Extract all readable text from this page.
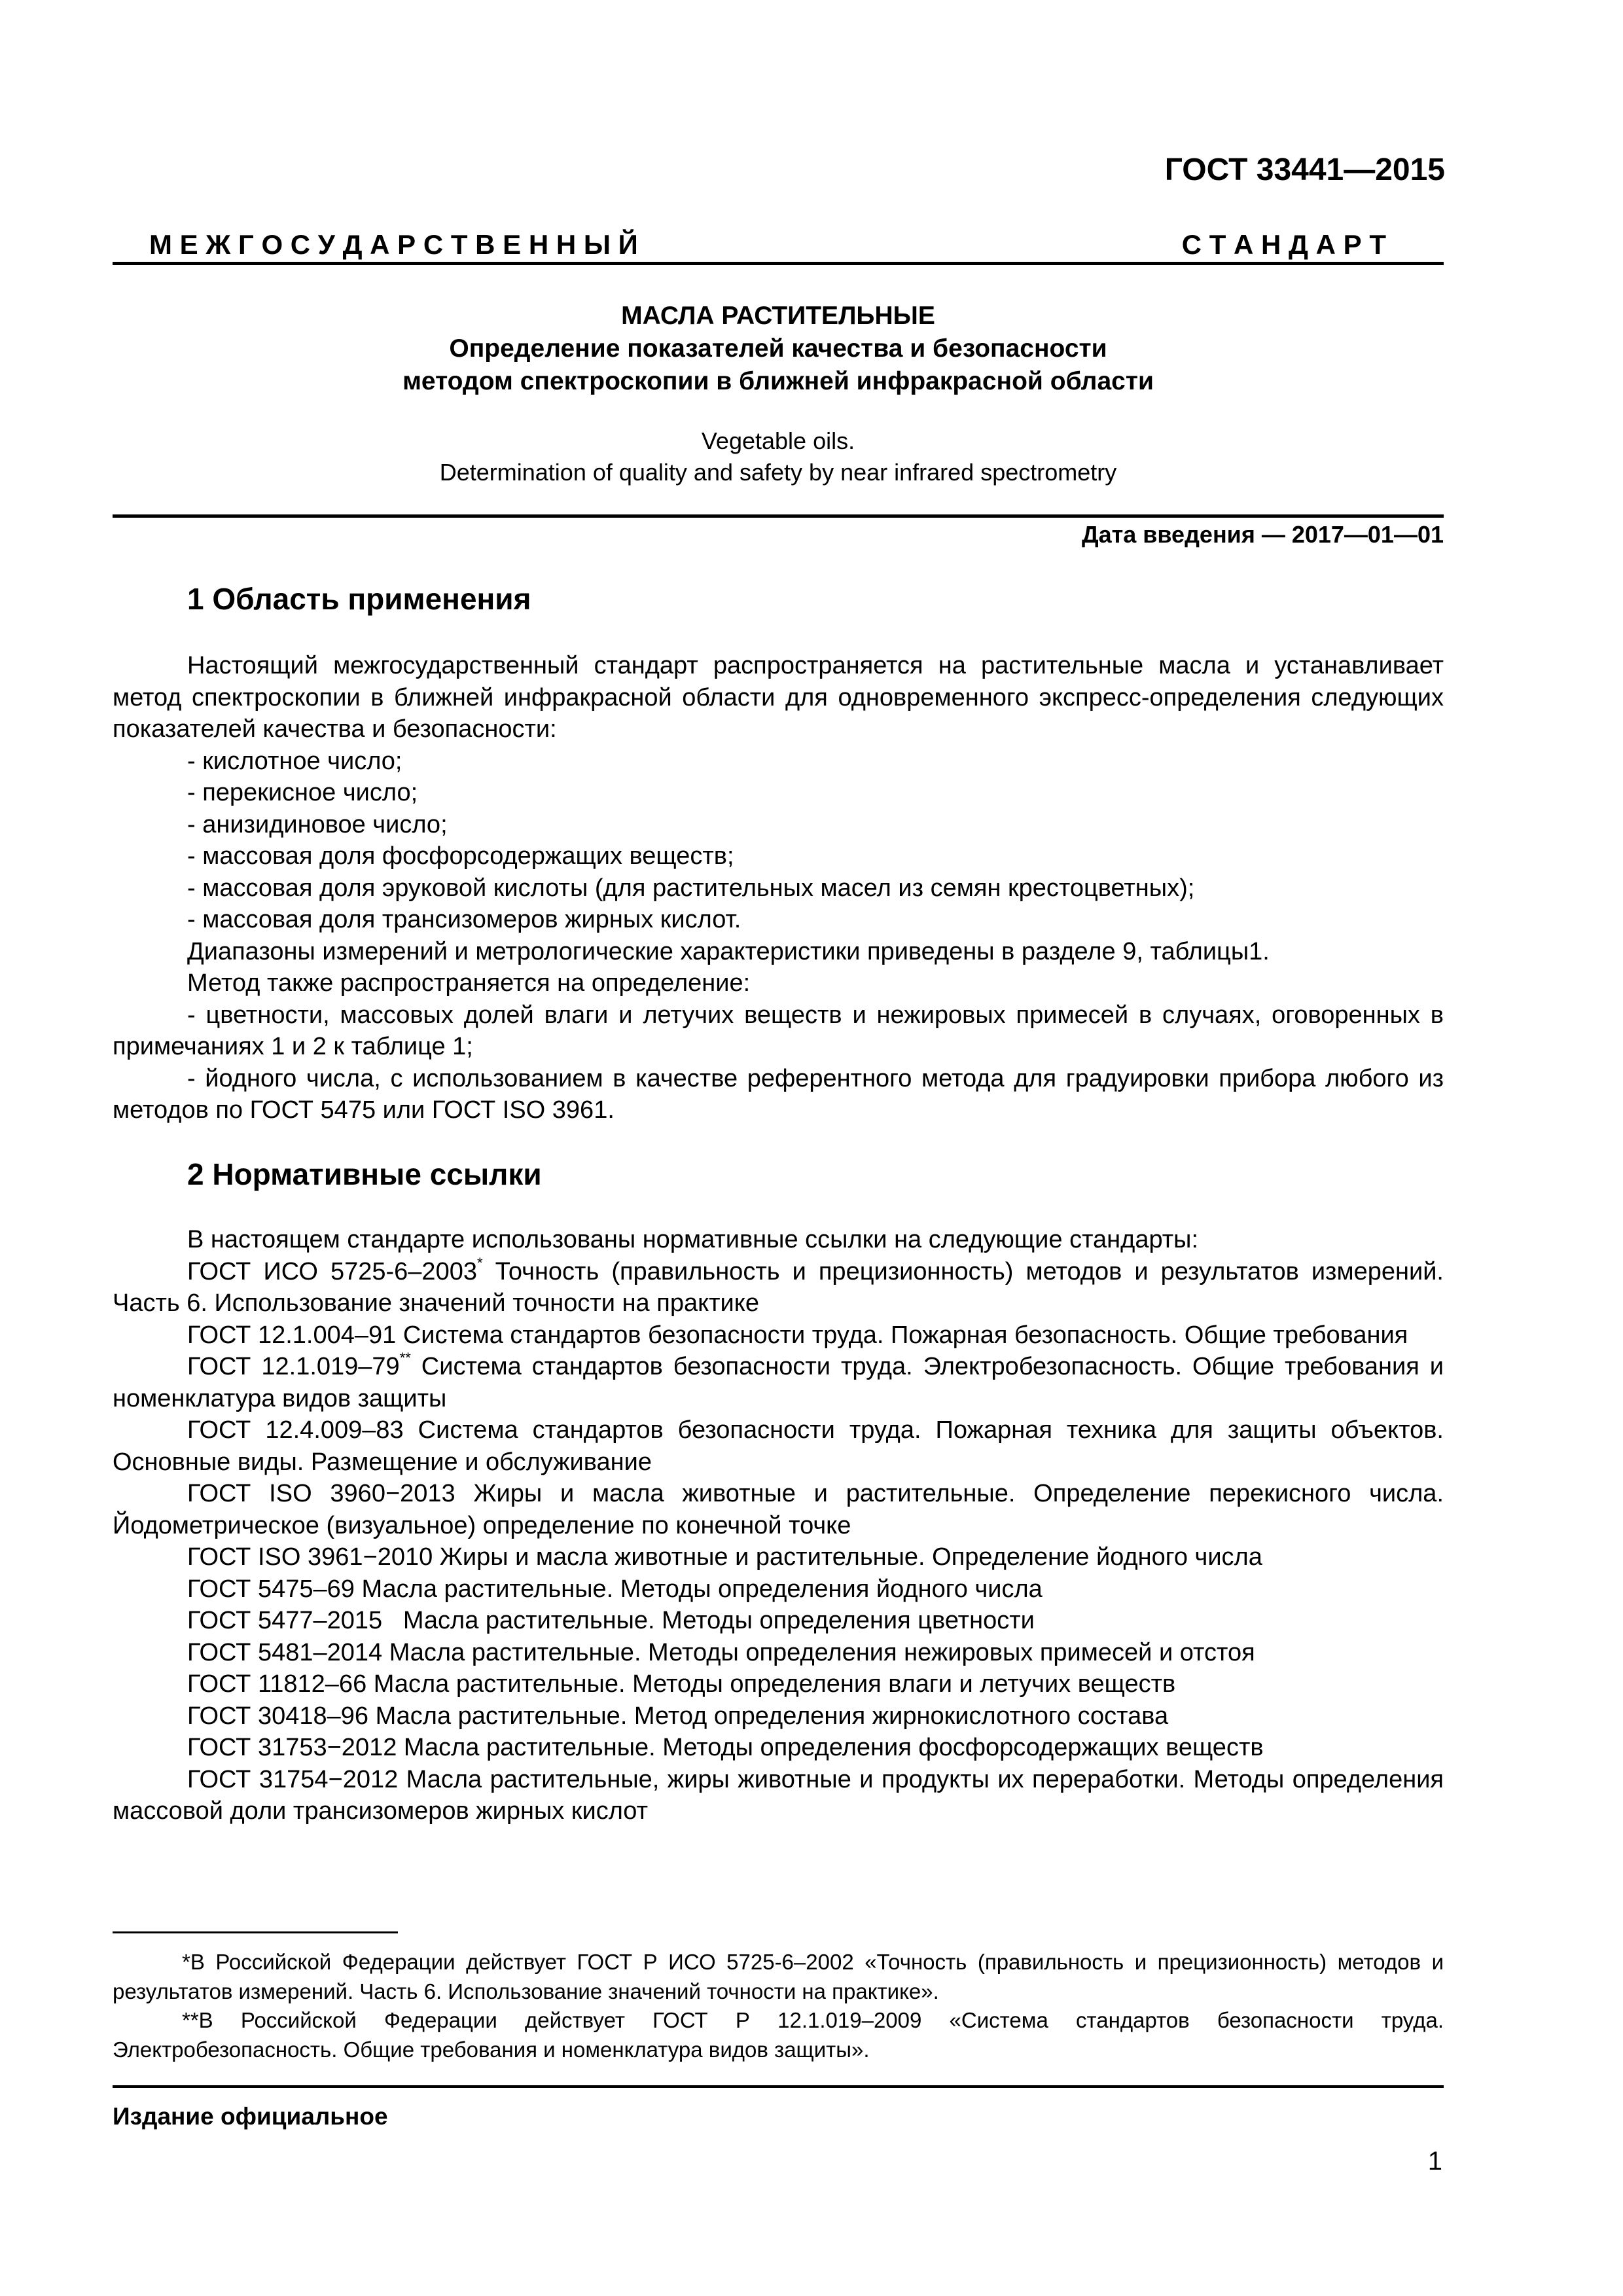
ГОСТ 33441—2015
М Е Ж Г О С У Д А Р С Т В Е Н Н Ы Й	С Т А Н Д А Р Т
МАСЛА РАСТИТЕЛЬНЫЕ
Определение показателей качества и безопасности
методом спектроскопии в ближней инфракрасной области
Vegetable oils.
Determination of quality and safety by near infrared spectrometry
Дата введения — 2017—01—01
1 Область применения

Настоящий межгосударственный стандарт распространяется на растительные масла и устанавливает метод спектроскопии в ближней инфракрасной области для одновременного экспресс-определения следующих показателей качества и безопасности:

- кислотное число;

- перекисное число;

- анизидиновое число;

- массовая доля фосфорсодержащих веществ;

- массовая доля эруковой кислоты (для растительных масел из семян крестоцветных);

- массовая доля трансизомеров жирных кислот.

Диапазоны измерений и метрологические характеристики приведены в разделе 9, таблицы1.

Метод также распространяется на определение:

- цветности, массовых долей влаги и летучих веществ и нежировых примесей в случаях, оговоренных в примечаниях 1 и 2 к таблице 1;

- йодного числа, с использованием в качестве референтного метода для градуировки прибора любого из методов по ГОСТ 5475 или ГОСТ ISO 3961.

2 Нормативные ссылки

В настоящем стандарте использованы нормативные ссылки на следующие стандарты:

ГОСТ ИСО 5725-6–2003* Точность (правильность и прецизионность) методов и результатов измерений. Часть 6. Использование значений точности на практике

ГОСТ 12.1.004–91 Система стандартов безопасности труда. Пожарная безопасность. Общие требования

ГОСТ 12.1.019–79** Система стандартов безопасности труда. Электробезопасность. Общие требования и номенклатура видов защиты

ГОСТ 12.4.009–83 Система стандартов безопасности труда. Пожарная техника для защиты объектов. Основные виды. Размещение и обслуживание

ГОСТ ISO 3960−2013 Жиры и масла животные и растительные. Определение перекисного числа. Йодометрическое (визуальное) определение по конечной точке

ГОСТ ISO 3961−2010 Жиры и масла животные и растительные. Определение йодного числа

ГОСТ 5475–69 Масла растительные. Методы определения йодного числа

ГОСТ 5477–2015   Масла растительные. Методы определения цветности

ГОСТ 5481–2014 Масла растительные. Методы определения нежировых примесей и отстоя

ГОСТ 11812–66 Масла растительные. Методы определения влаги и летучих веществ

ГОСТ 30418–96 Масла растительные. Метод определения жирнокислотного состава

ГОСТ 31753−2012 Масла растительные. Методы определения фосфорсодержащих веществ

ГОСТ 31754−2012 Масла растительные, жиры животные и продукты их переработки. Методы определения массовой доли трансизомеров жирных кислот

*В Российской Федерации действует ГОСТ Р ИСО 5725-6–2002 «Точность (правильность и прецизионность) методов и результатов измерений. Часть 6. Использование значений точности на практике».

**В Российской Федерации действует ГОСТ Р 12.1.019–2009 «Система стандартов безопасности труда. Электробезопасность. Общие требования и номенклатура видов защиты».

Издание официальное
1
